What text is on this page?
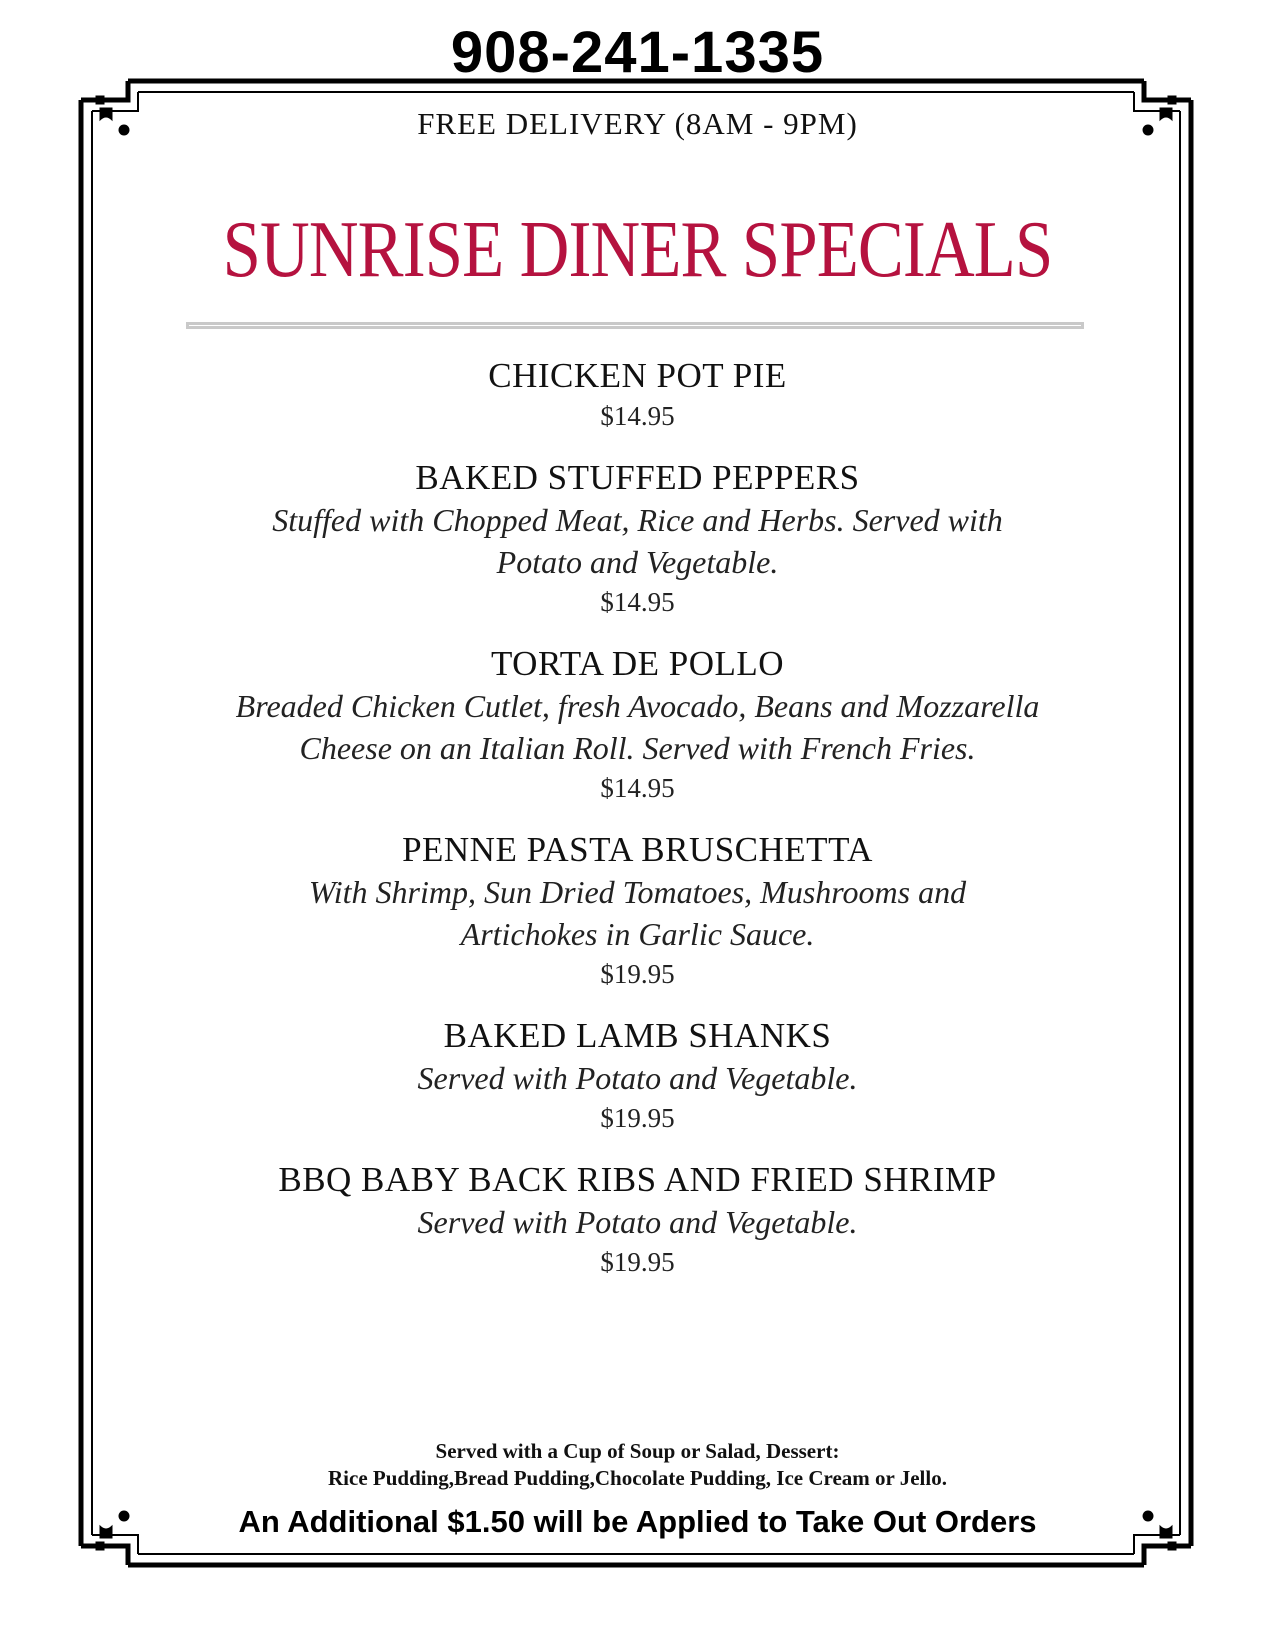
908-241-1335
FREE DELIVERY (8AM - 9PM)
SUNRISE DINER SPECIALS
CHICKEN POT PIE
$14.95
BAKED STUFFED PEPPERS
Stuffed with Chopped Meat, Rice and Herbs. Served with
Potato and Vegetable.
$14.95
TORTA DE POLLO
Breaded Chicken Cutlet, fresh Avocado, Beans and Mozzarella
Cheese on an Italian Roll. Served with French Fries.
$14.95
PENNE PASTA BRUSCHETTA
With Shrimp, Sun Dried Tomatoes, Mushrooms and
Artichokes in Garlic Sauce.
$19.95
BAKED LAMB SHANKS
Served with Potato and Vegetable.
$19.95
BBQ BABY BACK RIBS AND FRIED SHRIMP
Served with Potato and Vegetable.
$19.95
Served with a Cup of Soup or Salad, Dessert:
Rice Pudding,Bread Pudding,Chocolate Pudding, Ice Cream or Jello.
An Additional $1.50 will be Applied to Take Out Orders
